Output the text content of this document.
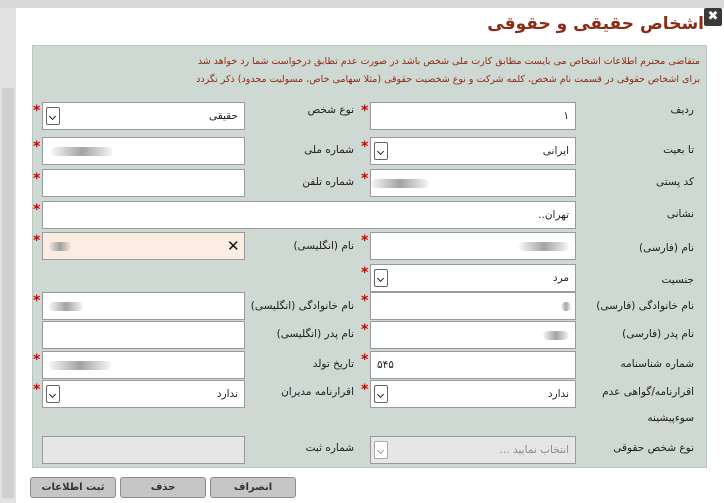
اشخاص حقیقی و حقوقی ✖
متقاضی محترم اطلاعات اشخاص می بایست مطابق کارت ملی شخص باشد در صورت عدم تطابق درخواست شما رد خواهد شد
برای اشخاص حقوقی در قسمت نام شخص، کلمه شرکت و نوع شخصیت حقوقی (مثلا سهامی خاص، مسولیت محدود) ذکر نگردد
ردیف
*	۱
نوع شخص
*	حقیقی
تا بعیت
*	ایرانی
شماره ملی
*
کد پستی
*
شماره تلفن
*
نشانی
*	تهران..
نام (فارسی)
*
نام (انگلیسی)
*	✕
جنسیت
*	مرد
نام خانوادگی (فارسی)
*
نام خانوادگی (انگلیسی)
*
نام پدر (فارسی)
*
نام پدر (انگلیسی)
شماره شناسنامه
* ۵۴۵
تاریخ تولد
*
اقرارنامه/گواهی عدم
سوءپیشینه
*	ندارد
اقرارنامه مدیران
*	ندارد
نوع شخص حقوقی
انتخاب نمایید ...
شماره ثبت
ثبت اطلاعات	حذف	انصراف
